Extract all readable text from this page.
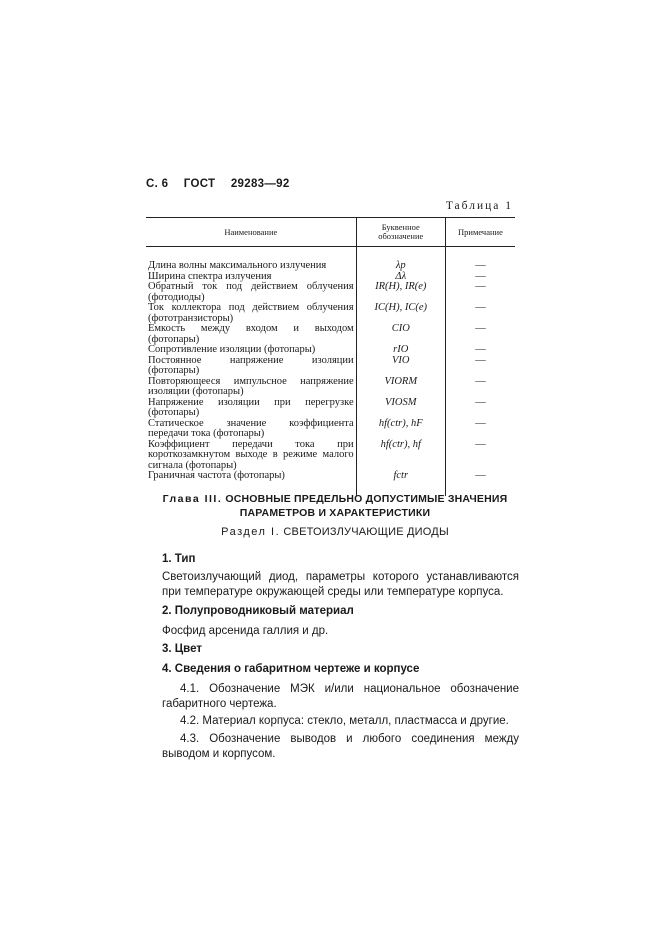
С. 6 ГОСТ 29283—92
Таблица 1
Наименование	Буквенное обозначение	Примечание

Длина волны максимального излучения	λp	—
Ширина спектра излучения	Δλ	—
Обратный ток под действием облучения (фотодиоды)	IR(H), IR(e)	—
Ток коллектора под действием облучения (фототранзисторы)	IC(H), IC(e)	—
Емкость между входом и выходом (фотопары)	CIO	—
Сопротивление изоляции (фотопары)	rIO	—
Постоянное напряжение изоляции (фотопары)	VIO	—
Повторяющееся импульсное напряжение изоляции (фотопары)	VIORM	—
Напряжение изоляции при перегрузке (фотопары)	VIOSM	—
Статическое значение коэффициента передачи тока (фотопары)	hf(ctr), hF	—
Коэффициент передачи тока при короткозамкнутом выходе в режиме малого сигнала (фотопары)	hf(ctr), hf	—
Граничная частота (фотопары)	fctr	—
Глава III. ОСНОВНЫЕ ПРЕДЕЛЬНО ДОПУСТИМЫЕ ЗНАЧЕНИЯ ПАРАМЕТРОВ И ХАРАКТЕРИСТИКИ
Раздел I. СВЕТОИЗЛУЧАЮЩИЕ ДИОДЫ
1. Тип
Светоизлучающий диод, параметры которого устанавливаются при температуре окружающей среды или температуре корпуса.
2. Полупроводниковый материал
Фосфид арсенида галлия и др.
3. Цвет
4. Сведения о габаритном чертеже и корпусе
4.1. Обозначение МЭК и/или национальное обозначение габаритного чертежа.
4.2. Материал корпуса: стекло, металл, пластмасса и другие.
4.3. Обозначение выводов и любого соединения между выводом и корпусом.
